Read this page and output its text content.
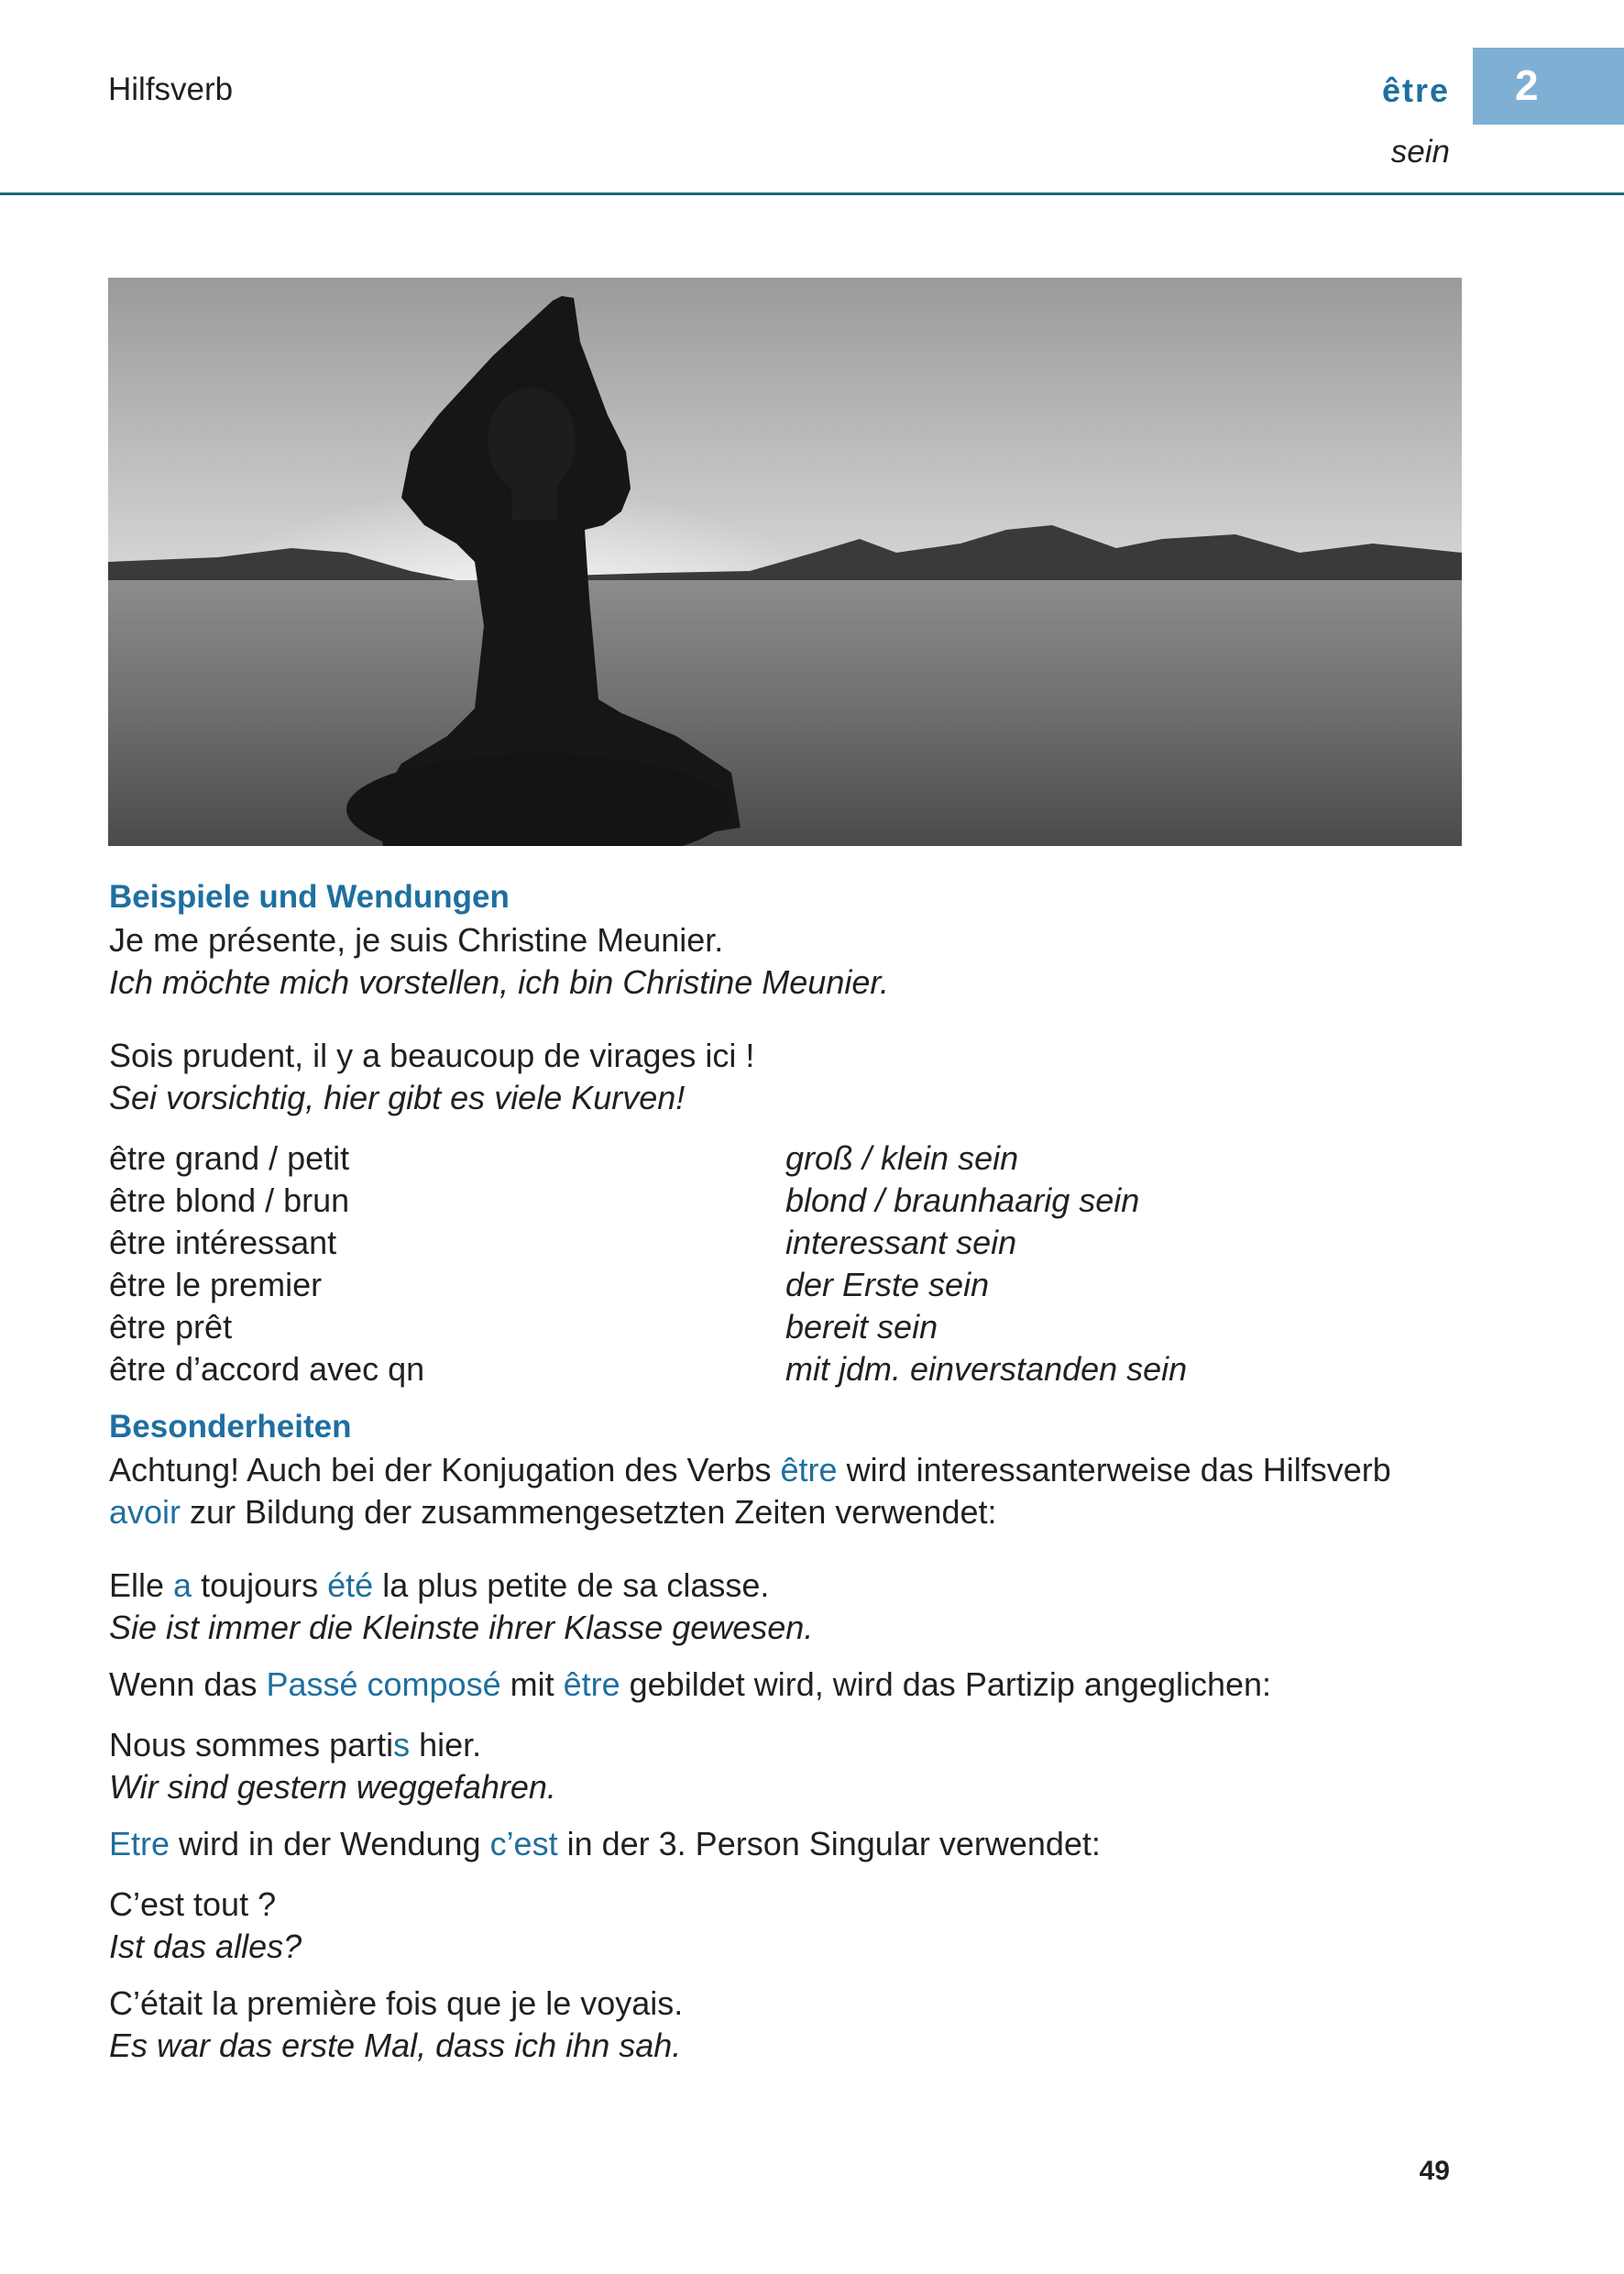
Hilfsverb	être
sein
2
Beispiele und Wendungen
Je me présente, je suis Christine Meunier.
Ich möchte mich vorstellen, ich bin Christine Meunier.
Sois prudent, il y a beaucoup de virages ici !
Sei vorsichtig, hier gibt es viele Kurven!
être grand / petit	groß / klein sein
être blond / brun	blond / braunhaarig sein
être intéressant	interessant sein
être le premier	der Erste sein
être prêt	bereit sein
être d’accord avec qn	mit jdm. einverstanden sein
Besonderheiten
Achtung! Auch bei der Konjugation des Verbs être wird interessanterweise das Hilfsverb
avoir zur Bildung der zusammengesetzten Zeiten verwendet:
Elle a toujours été la plus petite de sa classe.
Sie ist immer die Kleinste ihrer Klasse gewesen.
Wenn das Passé composé mit être gebildet wird, wird das Partizip angeglichen:
Nous sommes partis hier.
Wir sind gestern weggefahren.
Etre wird in der Wendung c’est in der 3. Person Singular verwendet:
C’est tout ?
Ist das alles?
C’était la première fois que je le voyais.
Es war das erste Mal, dass ich ihn sah.
49
